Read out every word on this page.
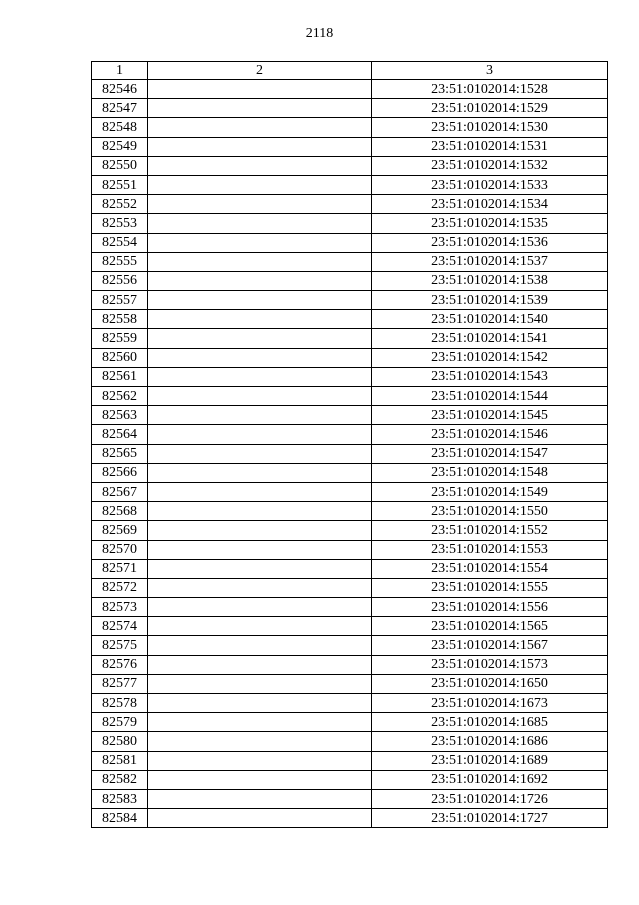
2118
1	2	3
82546		23:51:0102014:1528
82547		23:51:0102014:1529
82548		23:51:0102014:1530
82549		23:51:0102014:1531
82550		23:51:0102014:1532
82551		23:51:0102014:1533
82552		23:51:0102014:1534
82553		23:51:0102014:1535
82554		23:51:0102014:1536
82555		23:51:0102014:1537
82556		23:51:0102014:1538
82557		23:51:0102014:1539
82558		23:51:0102014:1540
82559		23:51:0102014:1541
82560		23:51:0102014:1542
82561		23:51:0102014:1543
82562		23:51:0102014:1544
82563		23:51:0102014:1545
82564		23:51:0102014:1546
82565		23:51:0102014:1547
82566		23:51:0102014:1548
82567		23:51:0102014:1549
82568		23:51:0102014:1550
82569		23:51:0102014:1552
82570		23:51:0102014:1553
82571		23:51:0102014:1554
82572		23:51:0102014:1555
82573		23:51:0102014:1556
82574		23:51:0102014:1565
82575		23:51:0102014:1567
82576		23:51:0102014:1573
82577		23:51:0102014:1650
82578		23:51:0102014:1673
82579		23:51:0102014:1685
82580		23:51:0102014:1686
82581		23:51:0102014:1689
82582		23:51:0102014:1692
82583		23:51:0102014:1726
82584		23:51:0102014:1727
